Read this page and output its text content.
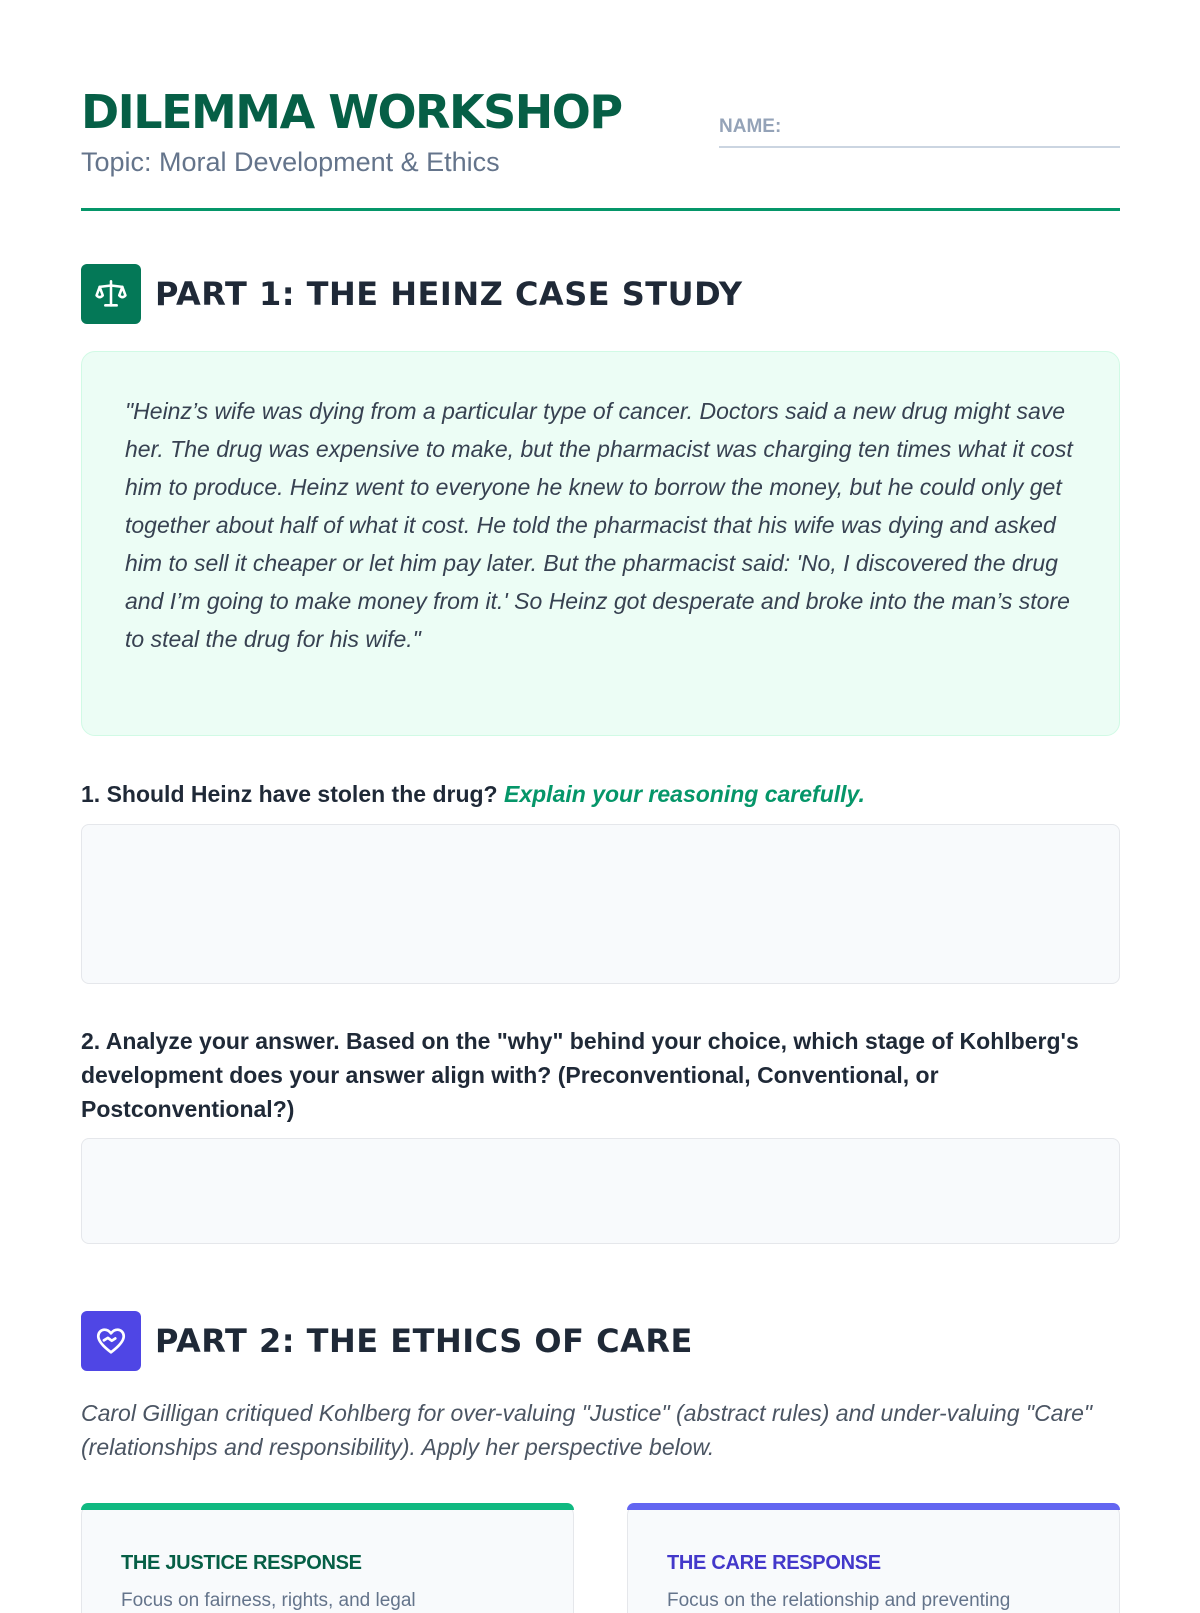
DILEMMA WORKSHOP
Topic: Moral Development & Ethics
NAME:
PART 1: THE HEINZ CASE STUDY

"Heinz’s wife was dying from a particular type of cancer. Doctors said a new drug might save her. The drug was expensive to make, but the pharmacist was charging ten times what it cost him to produce. Heinz went to everyone he knew to borrow the money, but he could only get together about half of what it cost. He told the pharmacist that his wife was dying and asked him to sell it cheaper or let him pay later. But the pharmacist said: 'No, I discovered the drug and I’m going to make money from it.' So Heinz got desperate and broke into the man’s store to steal the drug for his wife."

1. Should Heinz have stolen the drug? Explain your reasoning carefully.
2. Analyze your answer. Based on the "why" behind your choice, which stage of Kohlberg's development does your answer align with? (Preconventional, Conventional, or Postconventional?)
PART 2: THE ETHICS OF CARE

Carol Gilligan critiqued Kohlberg for over-valuing "Justice" (abstract rules) and under-valuing "Care" (relationships and responsibility). Apply her perspective below.

THE JUSTICE RESPONSE
Focus on fairness, rights, and legal
THE CARE RESPONSE
Focus on the relationship and preventing
